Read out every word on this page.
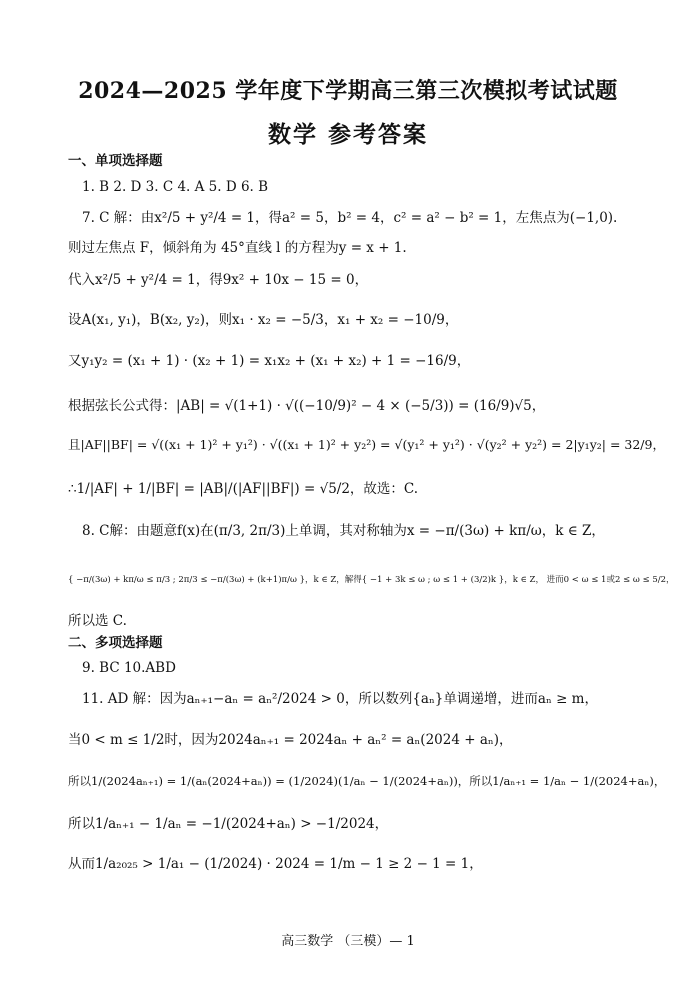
2024—2025 学年度下学期高三第三次模拟考试试题
数学 参考答案
一、单项选择题
1. B 2. D 3. C 4. A 5. D 6. B
7. C 解：由x²/5 + y²/4 = 1，得a² = 5，b² = 4，c² = a² − b² = 1，左焦点为(−1,0).
则过左焦点 F，倾斜角为 45°直线 l 的方程为y = x + 1.
代入x²/5 + y²/4 = 1，得9x² + 10x − 15 = 0，
设A(x₁, y₁)，B(x₂, y₂)，则x₁ · x₂ = −5/3，x₁ + x₂ = −10/9，
又y₁y₂ = (x₁ + 1) · (x₂ + 1) = x₁x₂ + (x₁ + x₂) + 1 = −16/9，
根据弦长公式得：|AB| = √(1+1) · √((−10/9)² − 4 × (−5/3)) = (16/9)√5，
且|AF||BF| = √((x₁ + 1)² + y₁²) · √((x₁ + 1)² + y₂²) = √(y₁² + y₁²) · √(y₂² + y₂²) = 2|y₁y₂| = 32/9，
∴1/|AF| + 1/|BF| = |AB|/(|AF||BF|) = √5/2，故选：C.
8. C解：由题意f(x)在(π/3, 2π/3)上单调，其对称轴为x = −π/(3ω) + kπ/ω，k ∈ Z，
{ −π/(3ω) + kπ/ω ≤ π/3 ; 2π/3 ≤ −π/(3ω) + (k+1)π/ω }，k ∈ Z，解得{ −1 + 3k ≤ ω ; ω ≤ 1 + (3/2)k }，k ∈ Z， 进而0 < ω ≤ 1或2 ≤ ω ≤ 5/2，
所以选 C.
二、多项选择题
9. BC 10.ABD
11. AD 解：因为aₙ₊₁−aₙ = aₙ²/2024 > 0，所以数列{aₙ}单调递增，进而aₙ ≥ m，
当0 < m ≤ 1/2时，因为2024aₙ₊₁ = 2024aₙ + aₙ² = aₙ(2024 + aₙ)，
所以1/(2024aₙ₊₁) = 1/(aₙ(2024+aₙ)) = (1/2024)(1/aₙ − 1/(2024+aₙ))，所以1/aₙ₊₁ = 1/aₙ − 1/(2024+aₙ)，
所以1/aₙ₊₁ − 1/aₙ = −1/(2024+aₙ) > −1/2024，
从而1/a₂₀₂₅ > 1/a₁ − (1/2024) · 2024 = 1/m − 1 ≥ 2 − 1 = 1，
高三数学 （三模）— 1
